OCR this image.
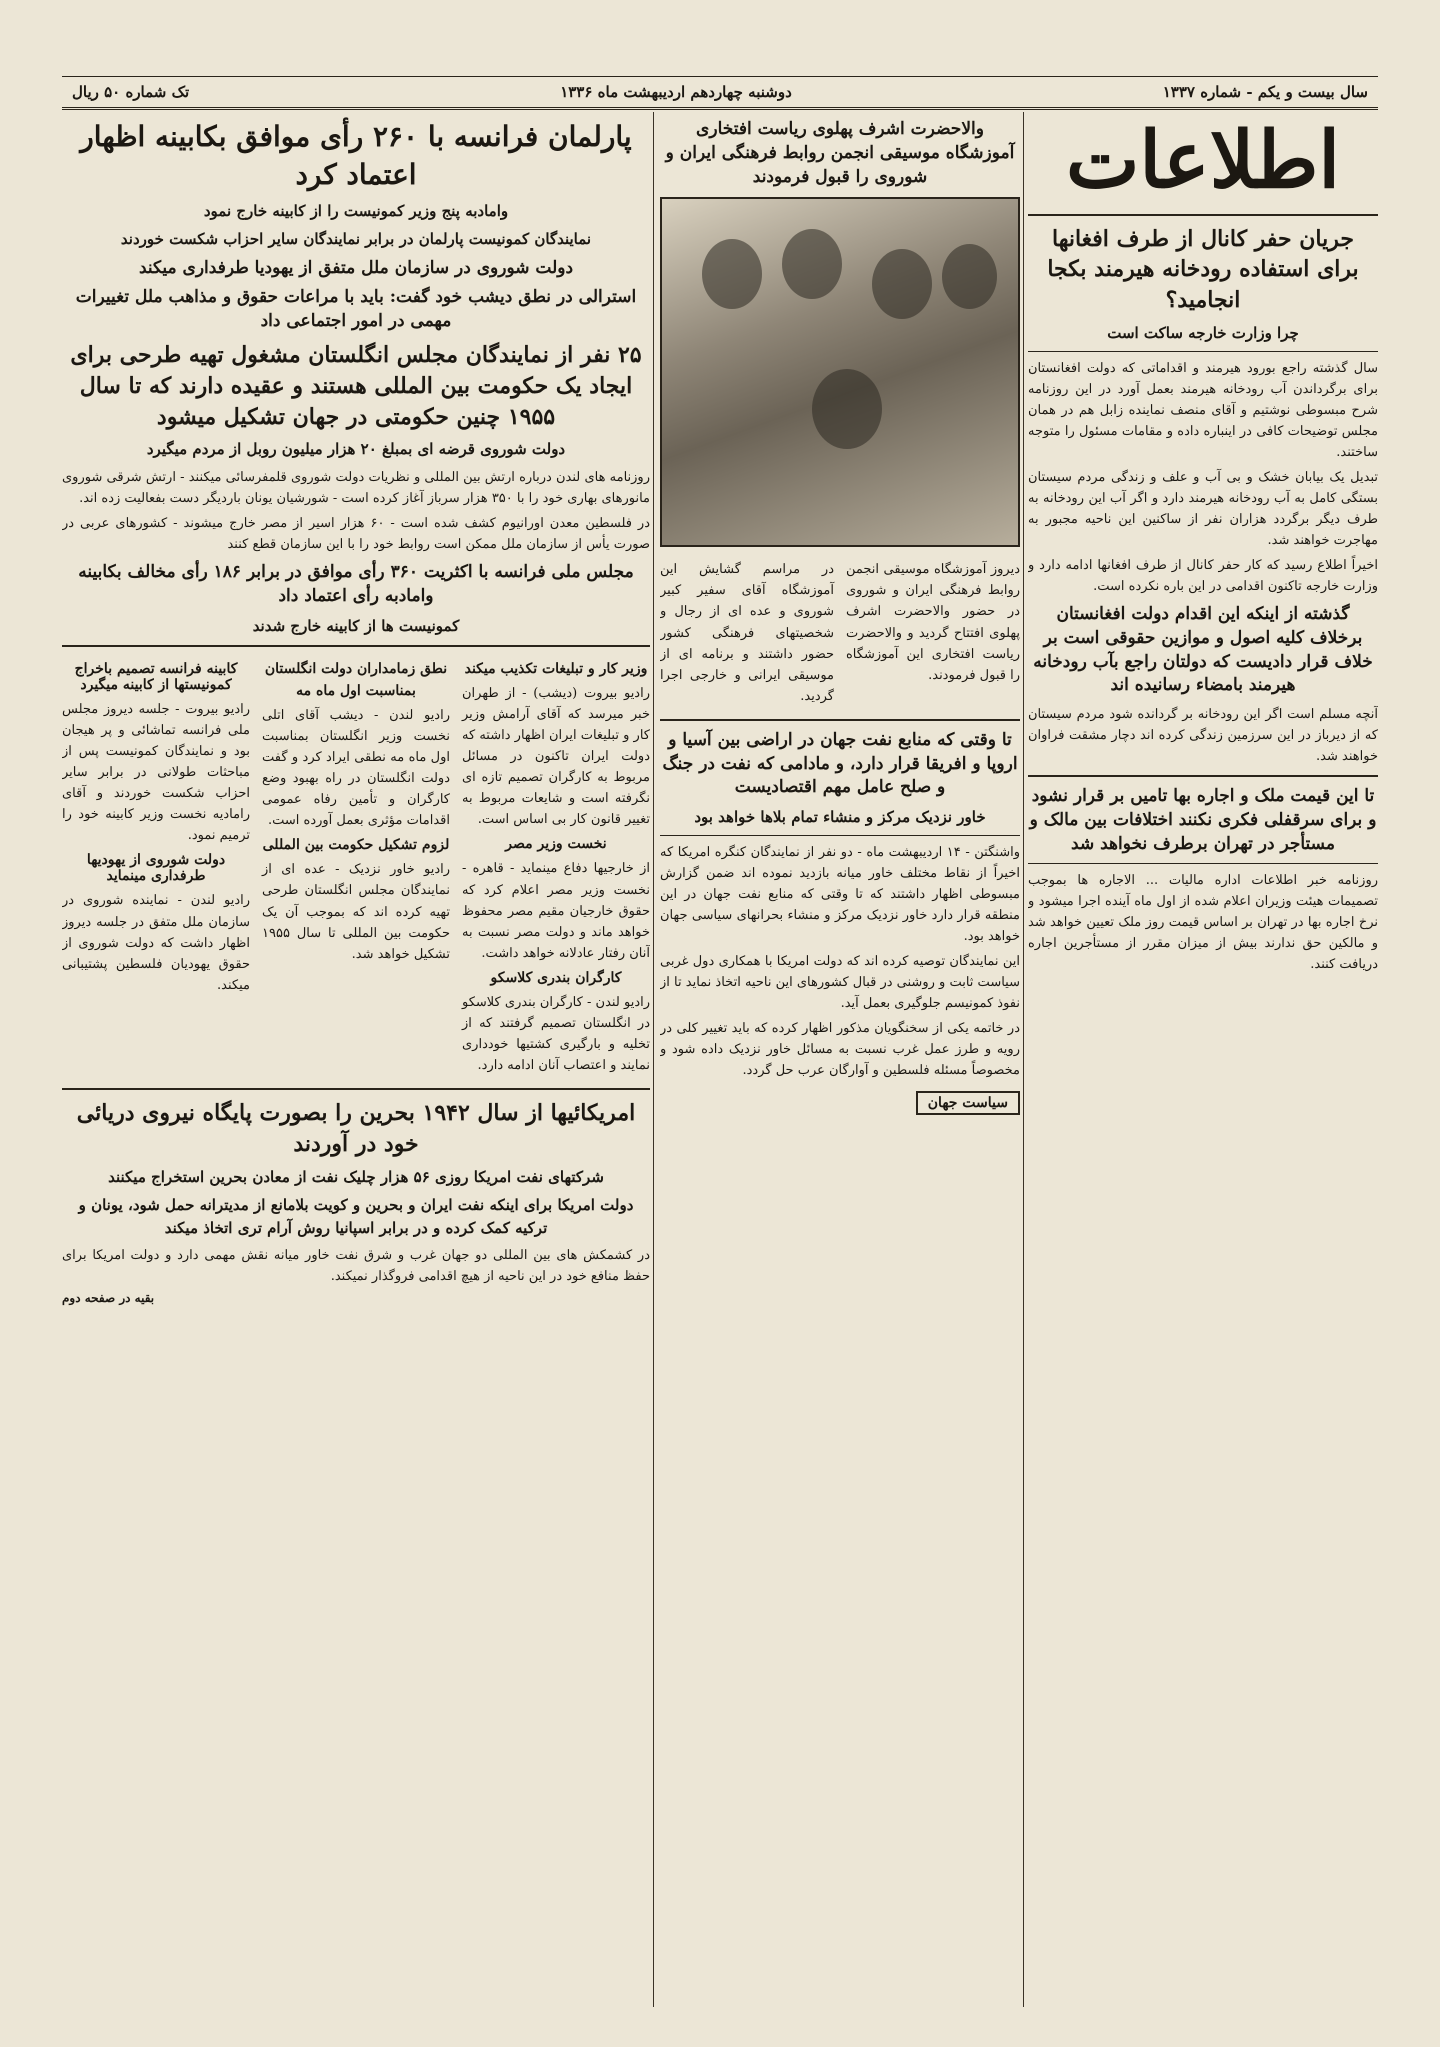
سال بیست و یکم - شماره ۱۳۳۷
دوشنبه چهاردهم اردیبهشت ماه ۱۳۳۶
تک شماره ۵۰ ریال
اطلاعات
جریان حفر کانال از طرف افغانها برای استفاده رودخانه هیرمند بکجا انجامید؟
چرا وزارت خارجه ساکت است

سال گذشته راجع بورود هیرمند و اقداماتی که دولت افغانستان برای برگرداندن آب رودخانه هیرمند بعمل آورد در این روزنامه شرح مبسوطی نوشتیم و آقای منصف نماینده زابل هم در همان مجلس توضیحات کافی در اینباره داده و مقامات مسئول را متوجه ساختند.

تبدیل یک بیابان خشک و بی آب و علف و زندگی مردم سیستان بستگی کامل به آب رودخانه هیرمند دارد و اگر آب این رودخانه به طرف دیگر برگردد هزاران نفر از ساکنین این ناحیه مجبور به مهاجرت خواهند شد.

اخیراً اطلاع رسید که کار حفر کانال از طرف افغانها ادامه دارد و وزارت خارجه تاکنون اقدامی در این باره نکرده است.

گذشته از اینکه این اقدام دولت افغانستان برخلاف کلیه اصول و موازین حقوقی است بر خلاف قرار دادیست که دولتان راجع بآب رودخانه هیرمند بامضاء رسانیده اند

آنچه مسلم است اگر این رودخانه بر گردانده شود مردم سیستان که از دیرباز در این سرزمین زندگی کرده اند دچار مشقت فراوان خواهند شد.

تا این قیمت ملک و اجاره بها تامیں بر قرار نشود و برای سرقفلی فکری نکنند اختلافات بین مالک و مستأجر در تهران برطرف نخواهد شد

روزنامه خبر اطلاعات اداره مالیات ... الاجاره ها بموجب تصمیمات هیئت وزیران اعلام شده از اول ماه آینده اجرا میشود و نرخ اجاره بها در تهران بر اساس قیمت روز ملک تعیین خواهد شد و مالکین حق ندارند بیش از میزان مقرر از مستأجرین اجاره دریافت کنند.

والاحضرت اشرف پهلوی ریاست افتخاری آموزشگاه موسیقی انجمن روابط فرهنگی ایران و شوروی را قبول فرمودند

دیروز آموزشگاه موسیقی انجمن روابط فرهنگی ایران و شوروی در حضور والاحضرت اشرف پهلوی افتتاح گردید و والاحضرت ریاست افتخاری این آموزشگاه را قبول فرمودند.

در مراسم گشایش این آموزشگاه آقای سفیر کبیر شوروی و عده ای از رجال و شخصیتهای فرهنگی کشور حضور داشتند و برنامه ای از موسیقی ایرانی و خارجی اجرا گردید.

تا وقتی که منابع نفت جهان در اراضی بین آسیا و اروپا و افریقا قرار دارد، و مادامی که نفت در جنگ و صلح عامل مهم اقتصادیست
خاور نزدیک مرکز و منشاء تمام بلاها خواهد بود

واشنگتن - ۱۴ اردیبهشت ماه - دو نفر از نمایندگان کنگره امریکا که اخیراً از نقاط مختلف خاور میانه بازدید نموده اند ضمن گزارش مبسوطی اظهار داشتند که تا وقتی که منابع نفت جهان در این منطقه قرار دارد خاور نزدیک مرکز و منشاء بحرانهای سیاسی جهان خواهد بود.

این نمایندگان توصیه کرده اند که دولت امریکا با همکاری دول غربی سیاست ثابت و روشنی در قبال کشورهای این ناحیه اتخاذ نماید تا از نفوذ کمونیسم جلوگیری بعمل آید.

در خاتمه یکی از سخنگویان مذکور اظهار کرده که باید تغییر کلی در رویه و طرز عمل غرب نسبت به مسائل خاور نزدیک داده شود و مخصوصاً مسئله فلسطین و آوارگان عرب حل گردد.

سیاست جهان
پارلمان فرانسه با ۲۶۰ رأی موافق بکابینه اظهار اعتماد کرد
وامادبه پنج وزیر کمونیست را از کابینه خارج نمود
نمایندگان کمونیست پارلمان در برابر نمایندگان سایر احزاب شکست خوردند
دولت شوروی در سازمان ملل متفق از یهودیا طرفداری میکند
استرالی در نطق دیشب خود گفت: باید با مراعات حقوق و مذاهب ملل تغییرات مهمی در امور اجتماعی داد
۲۵ نفر از نمایندگان مجلس انگلستان مشغول تهیه طرحی برای ایجاد یک حکومت بین المللی هستند و عقیده دارند که تا سال ۱۹۵۵ چنین حکومتی در جهان تشکیل میشود
دولت شوروی قرضه ای بمبلغ ۲۰ هزار میلیون روبل از مردم میگیرد

روزنامه های لندن درباره ارتش بین المللی و نظریات دولت شوروی قلمفرسائی میکنند - ارتش شرقی شوروی مانورهای بهاری خود را با ۳۵۰ هزار سرباز آغاز کرده است - شورشیان یونان باردیگر دست بفعالیت زده اند.

در فلسطین معدن اورانیوم کشف شده است - ۶۰ هزار اسیر از مصر خارج میشوند - کشورهای عربی در صورت یأس از سازمان ملل ممکن است روابط خود را با این سازمان قطع کنند

مجلس ملی فرانسه با اکثریت ۳۶۰ رأی موافق در برابر ۱۸۶ رأی مخالف بکابینه وامادبه رأی اعتماد داد
کمونیست ها از کابینه خارج شدند
وزیر کار و تبلیغات تکذیب میکند

رادیو بیروت (دیشب) - از طهران خبر میرسد که آقای آرامش وزیر کار و تبلیغات ایران اظهار داشته که دولت ایران تاکنون در مسائل مربوط به کارگران تصمیم تازه ای نگرفته است و شایعات مربوط به تغییر قانون کار بی اساس است.

نخست وزیر مصر

از خارجیها دفاع مینماید - قاهره - نخست وزیر مصر اعلام کرد که حقوق خارجیان مقیم مصر محفوظ خواهد ماند و دولت مصر نسبت به آنان رفتار عادلانه خواهد داشت.

کارگران بندری کلاسکو

رادیو لندن - کارگران بندری کلاسکو در انگلستان تصمیم گرفتند که از تخلیه و بارگیری کشتیها خودداری نمایند و اعتصاب آنان ادامه دارد.

نطق زمامداران دولت انگلستان
بمناسبت اول ماه مه

رادیو لندن - دیشب آقای اتلی نخست وزیر انگلستان بمناسبت اول ماه مه نطقی ایراد کرد و گفت دولت انگلستان در راه بهبود وضع کارگران و تأمین رفاه عمومی اقدامات مؤثری بعمل آورده است.

لزوم تشکیل حکومت بین المللی

رادیو خاور نزدیک - عده ای از نمایندگان مجلس انگلستان طرحی تهیه کرده اند که بموجب آن یک حکومت بین المللی تا سال ۱۹۵۵ تشکیل خواهد شد.

کابینه فرانسه تصمیم باخراج کمونیستها از کابینه میگیرد

رادیو بیروت - جلسه دیروز مجلس ملی فرانسه تماشائی و پر هیجان بود و نمایندگان کمونیست پس از مباحثات طولانی در برابر سایر احزاب شکست خوردند و آقای رامادیه نخست وزیر کابینه خود را ترمیم نمود.

دولت شوروی از یهودیها طرفداری مینماید

رادیو لندن - نماینده شوروی در سازمان ملل متفق در جلسه دیروز اظهار داشت که دولت شوروی از حقوق یهودیان فلسطین پشتیبانی میکند.

امریکائیها از سال ۱۹۴۲ بحرین را بصورت پایگاه نیروی دریائی خود در آوردند
شرکتهای نفت امریکا روزی ۵۶ هزار چلیک نفت از معادن بحرین استخراج میکنند
دولت امریکا برای اینکه نفت ایران و بحرین و کویت بلامانع از مدیترانه حمل شود، یونان و ترکیه کمک کرده و در برابر اسپانیا روش آرام تری اتخاذ میکند

در کشمکش های بین المللی دو جهان غرب و شرق نفت خاور میانه نقش مهمی دارد و دولت امریکا برای حفظ منافع خود در این ناحیه از هیچ اقدامی فروگذار نمیکند.

بقیه در صفحه دوم
